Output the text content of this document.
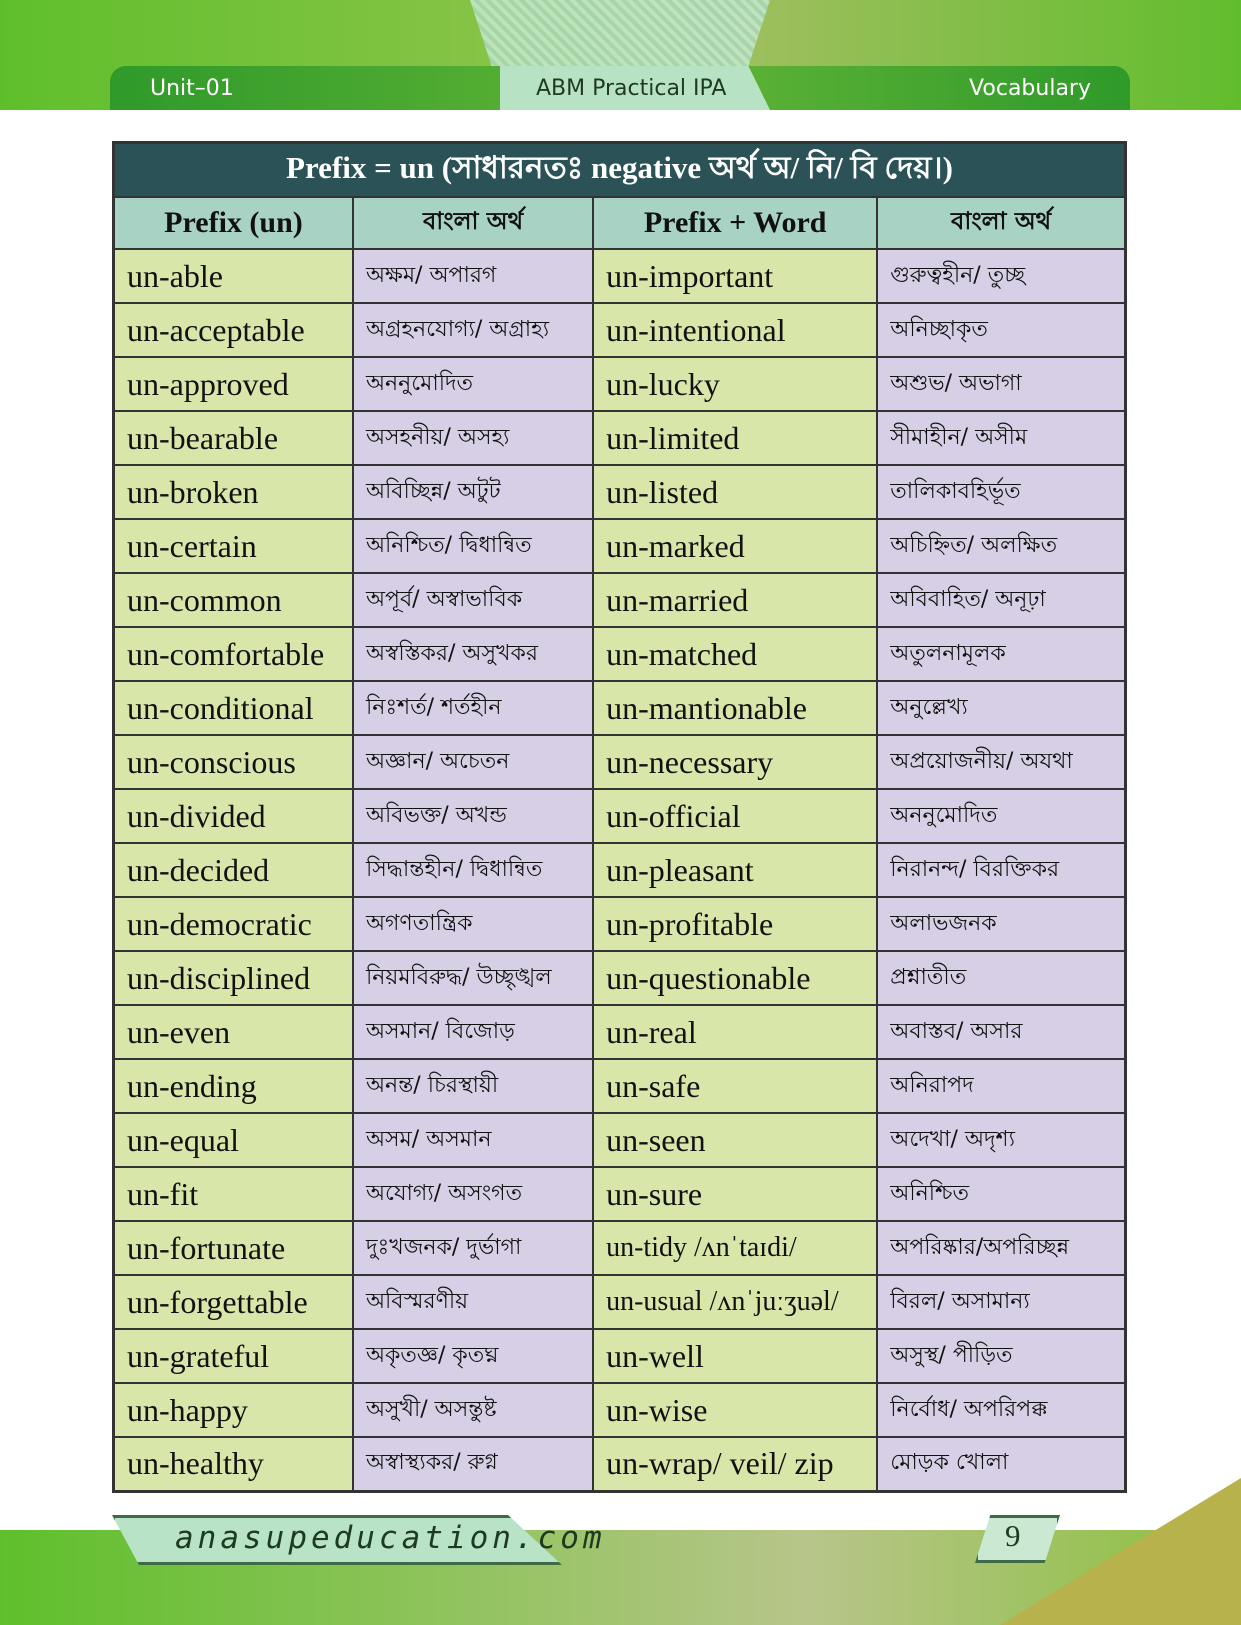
Unit–01	ABM Practical IPA	Vocabulary
Prefix = un (সাধারনতঃ negative অর্থ অ/ নি/ বি দেয়।)			
Prefix (un)	বাংলা অর্থ	Prefix + Word	বাংলা অর্থ
un-able	অক্ষম/ অপারগ	un-important	গুরুত্বহীন/ তুচ্ছ
un-acceptable	অগ্রহনযোগ্য/ অগ্রাহ্য	un-intentional	অনিচ্ছাকৃত
un-approved	অননুমোদিত	un-lucky	অশুভ/ অভাগা
un-bearable	অসহনীয়/ অসহ্য	un-limited	সীমাহীন/ অসীম
un-broken	অবিচ্ছিন্ন/ অটুট	un-listed	তালিকাবহির্ভূত
un-certain	অনিশ্চিত/ দ্বিধান্বিত	un-marked	অচিহ্নিত/ অলক্ষিত
un-common	অপূর্ব/ অস্বাভাবিক	un-married	অবিবাহিত/ অনূঢ়া
un-comfortable	অস্বস্তিকর/ অসুখকর	un-matched	অতুলনামূলক
un-conditional	নিঃশর্ত/ শর্তহীন	un-mantionable	অনুল্লেখ্য
un-conscious	অজ্ঞান/ অচেতন	un-necessary	অপ্রয়োজনীয়/ অযথা
un-divided	অবিভক্ত/ অখন্ড	un-official	অননুমোদিত
un-decided	সিদ্ধান্তহীন/ দ্বিধান্বিত	un-pleasant	নিরানন্দ/ বিরক্তিকর
un-democratic	অগণতান্ত্রিক	un-profitable	অলাভজনক
un-disciplined	নিয়মবিরুদ্ধ/ উচ্ছৃঙ্খল	un-questionable	প্রশ্নাতীত
un-even	অসমান/ বিজোড়	un-real	অবাস্তব/ অসার
un-ending	অনন্ত/ চিরস্থায়ী	un-safe	অনিরাপদ
un-equal	অসম/ অসমান	un-seen	অদেখা/ অদৃশ্য
un-fit	অযোগ্য/ অসংগত	un-sure	অনিশ্চিত
un-fortunate	দুঃখজনক/ দুর্ভাগা	un-tidy /ʌnˈtaɪdi/	অপরিষ্কার/অপরিচ্ছন্ন
un-forgettable	অবিস্মরণীয়	un-usual /ʌnˈjuːʒuəl/	বিরল/ অসামান্য
un-grateful	অকৃতজ্ঞ/ কৃতঘ্ন	un-well	অসুস্থ/ পীড়িত
un-happy	অসুখী/ অসন্তুষ্ট	un-wise	নির্বোধ/ অপরিপক্ক
un-healthy	অস্বাস্থ্যকর/ রুগ্ন	un-wrap/ veil/ zip	মোড়ক খোলা
anasupeducation.com	9
